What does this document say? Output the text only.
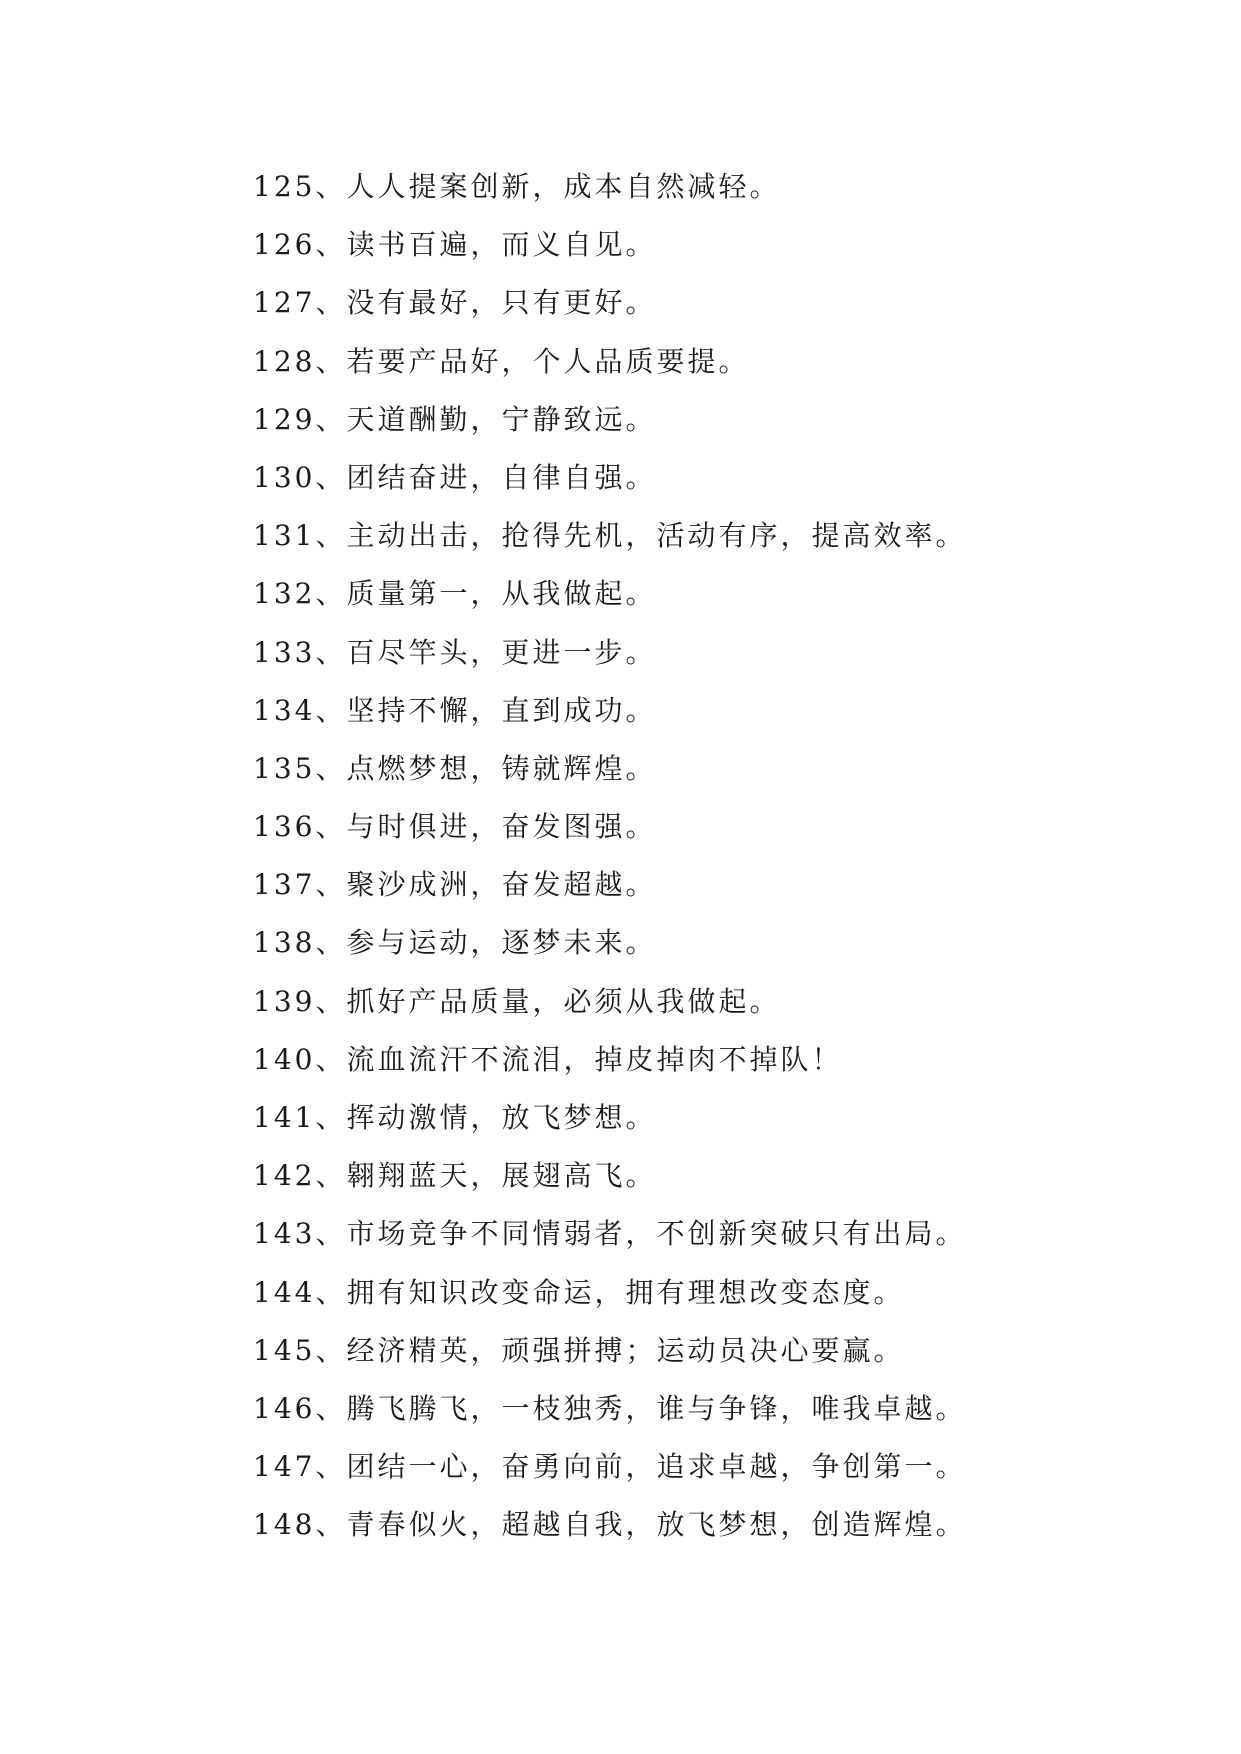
125、人人提案创新，成本自然减轻。
126、读书百遍，而义自见。
127、没有最好，只有更好。
128、若要产品好，个人品质要提。
129、天道酬勤，宁静致远。
130、团结奋进，自律自强。
131、主动出击，抢得先机，活动有序，提高效率。
132、质量第一，从我做起。
133、百尽竿头，更进一步。
134、坚持不懈，直到成功。
135、点燃梦想，铸就辉煌。
136、与时俱进，奋发图强。
137、聚沙成洲，奋发超越。
138、参与运动，逐梦未来。
139、抓好产品质量，必须从我做起。
140、流血流汗不流泪，掉皮掉肉不掉队！
141、挥动激情，放飞梦想。
142、翱翔蓝天，展翅高飞。
143、市场竞争不同情弱者，不创新突破只有出局。
144、拥有知识改变命运，拥有理想改变态度。
145、经济精英，顽强拼搏；运动员决心要赢。
146、腾飞腾飞，一枝独秀，谁与争锋，唯我卓越。
147、团结一心，奋勇向前，追求卓越，争创第一。
148、青春似火，超越自我，放飞梦想，创造辉煌。
